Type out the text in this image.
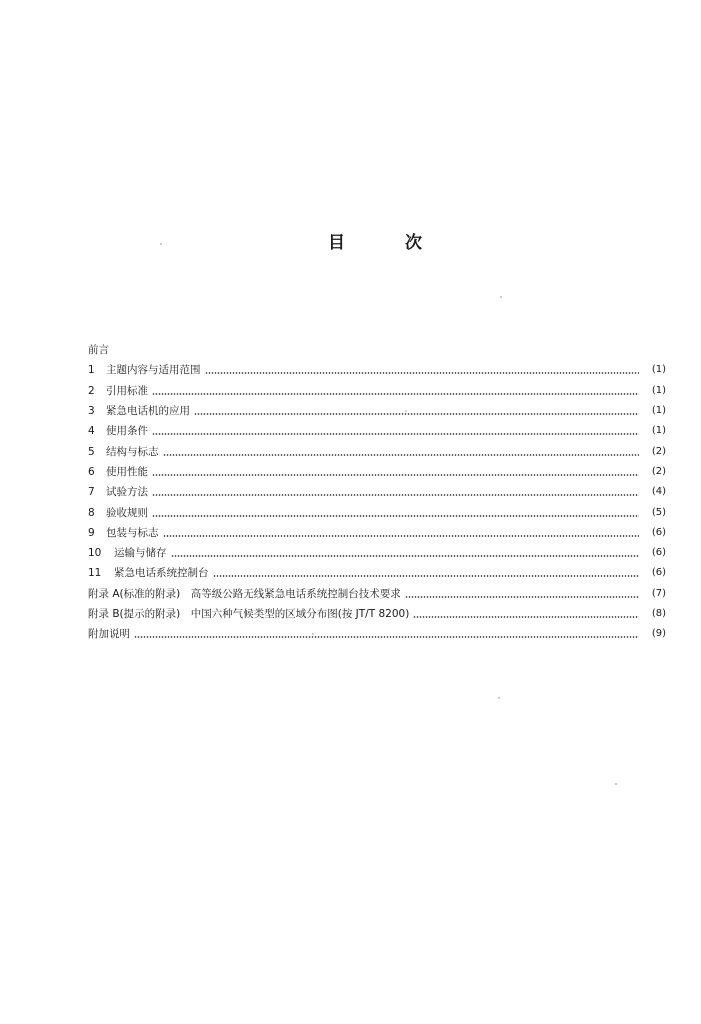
目	次
前言
1	主题内容与适用范围	(1)
2	引用标准	(1)
3	紧急电话机的应用	(1)
4	使用条件	(1)
5	结构与标志	(2)
6	使用性能	(2)
7	试验方法	(4)
8	验收规则	(5)
9	包装与标志	(6)
10	运输与储存	(6)
11	紧急电话系统控制台	(6)
附录 A(标准的附录)　高等级公路无线紧急电话系统控制台技术要求	(7)
附录 B(提示的附录)　中国六种气候类型的区域分布图(按 JT/T 8200)	(8)
附加说明	(9)
